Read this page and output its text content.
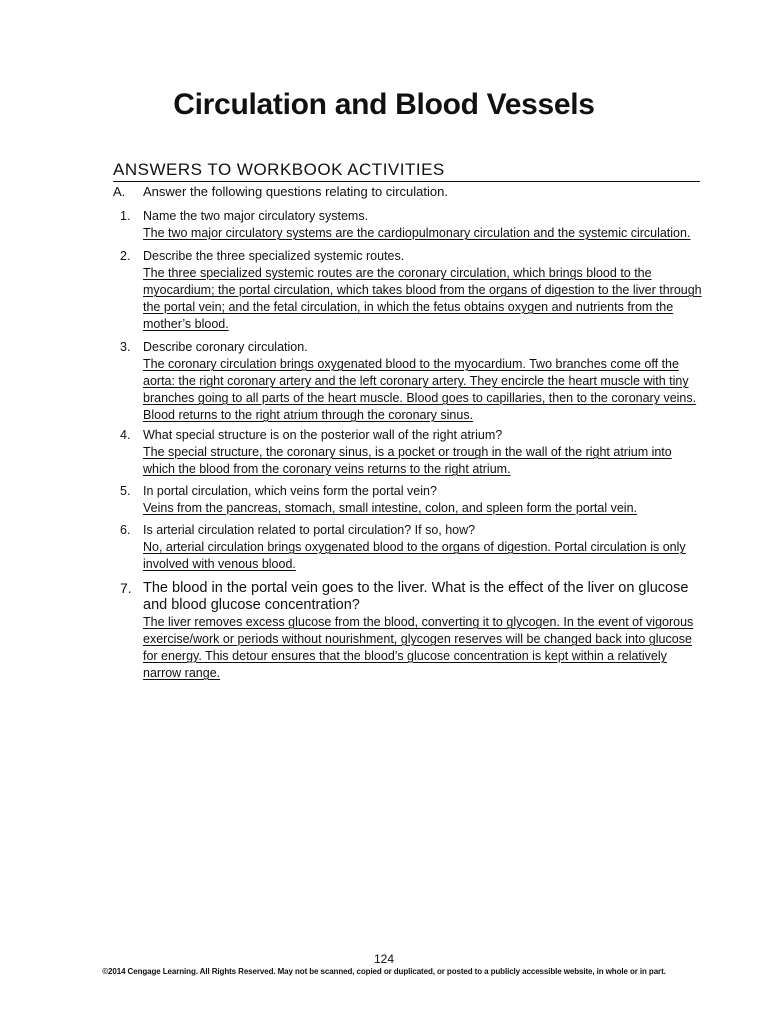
Circulation and Blood Vessels
ANSWERS TO WORKBOOK ACTIVITIES
A. Answer the following questions relating to circulation.
1.	Name the two major circulatory systems.
The two major circulatory systems are the cardiopulmonary circulation and the systemic circulation.
2.	Describe the three specialized systemic routes.
The three specialized systemic routes are the coronary circulation, which brings blood to the myocardium; the portal circulation, which takes blood from the organs of digestion to the liver through the portal vein; and the fetal circulation, in which the fetus obtains oxygen and nutrients from the mother’s blood.
3.	Describe coronary circulation.
The coronary circulation brings oxygenated blood to the myocardium. Two branches come off the aorta: the right coronary artery and the left coronary artery. They encircle the heart muscle with tiny branches going to all parts of the heart muscle. Blood goes to capillaries, then to the coronary veins. Blood returns to the right atrium through the coronary sinus.
4.	What special structure is on the posterior wall of the right atrium?
The special structure, the coronary sinus, is a pocket or trough in the wall of the right atrium into which the blood from the coronary veins returns to the right atrium.
5.	In portal circulation, which veins form the portal vein?
Veins from the pancreas, stomach, small intestine, colon, and spleen form the portal vein.
6.	Is arterial circulation related to portal circulation? If so, how?
No, arterial circulation brings oxygenated blood to the organs of digestion. Portal circulation is only involved with venous blood.
7. The blood in the portal vein goes to the liver. What is the effect of the liver on glucose and blood glucose concentration?
The liver removes excess glucose from the blood, converting it to glycogen. In the event of vigorous exercise/work or periods without nourishment, glycogen reserves will be changed back into glucose for energy. This detour ensures that the blood’s glucose concentration is kept within a relatively narrow range.
124
©2014 Cengage Learning. All Rights Reserved. May not be scanned, copied or duplicated, or posted to a publicly accessible website, in whole or in part.
